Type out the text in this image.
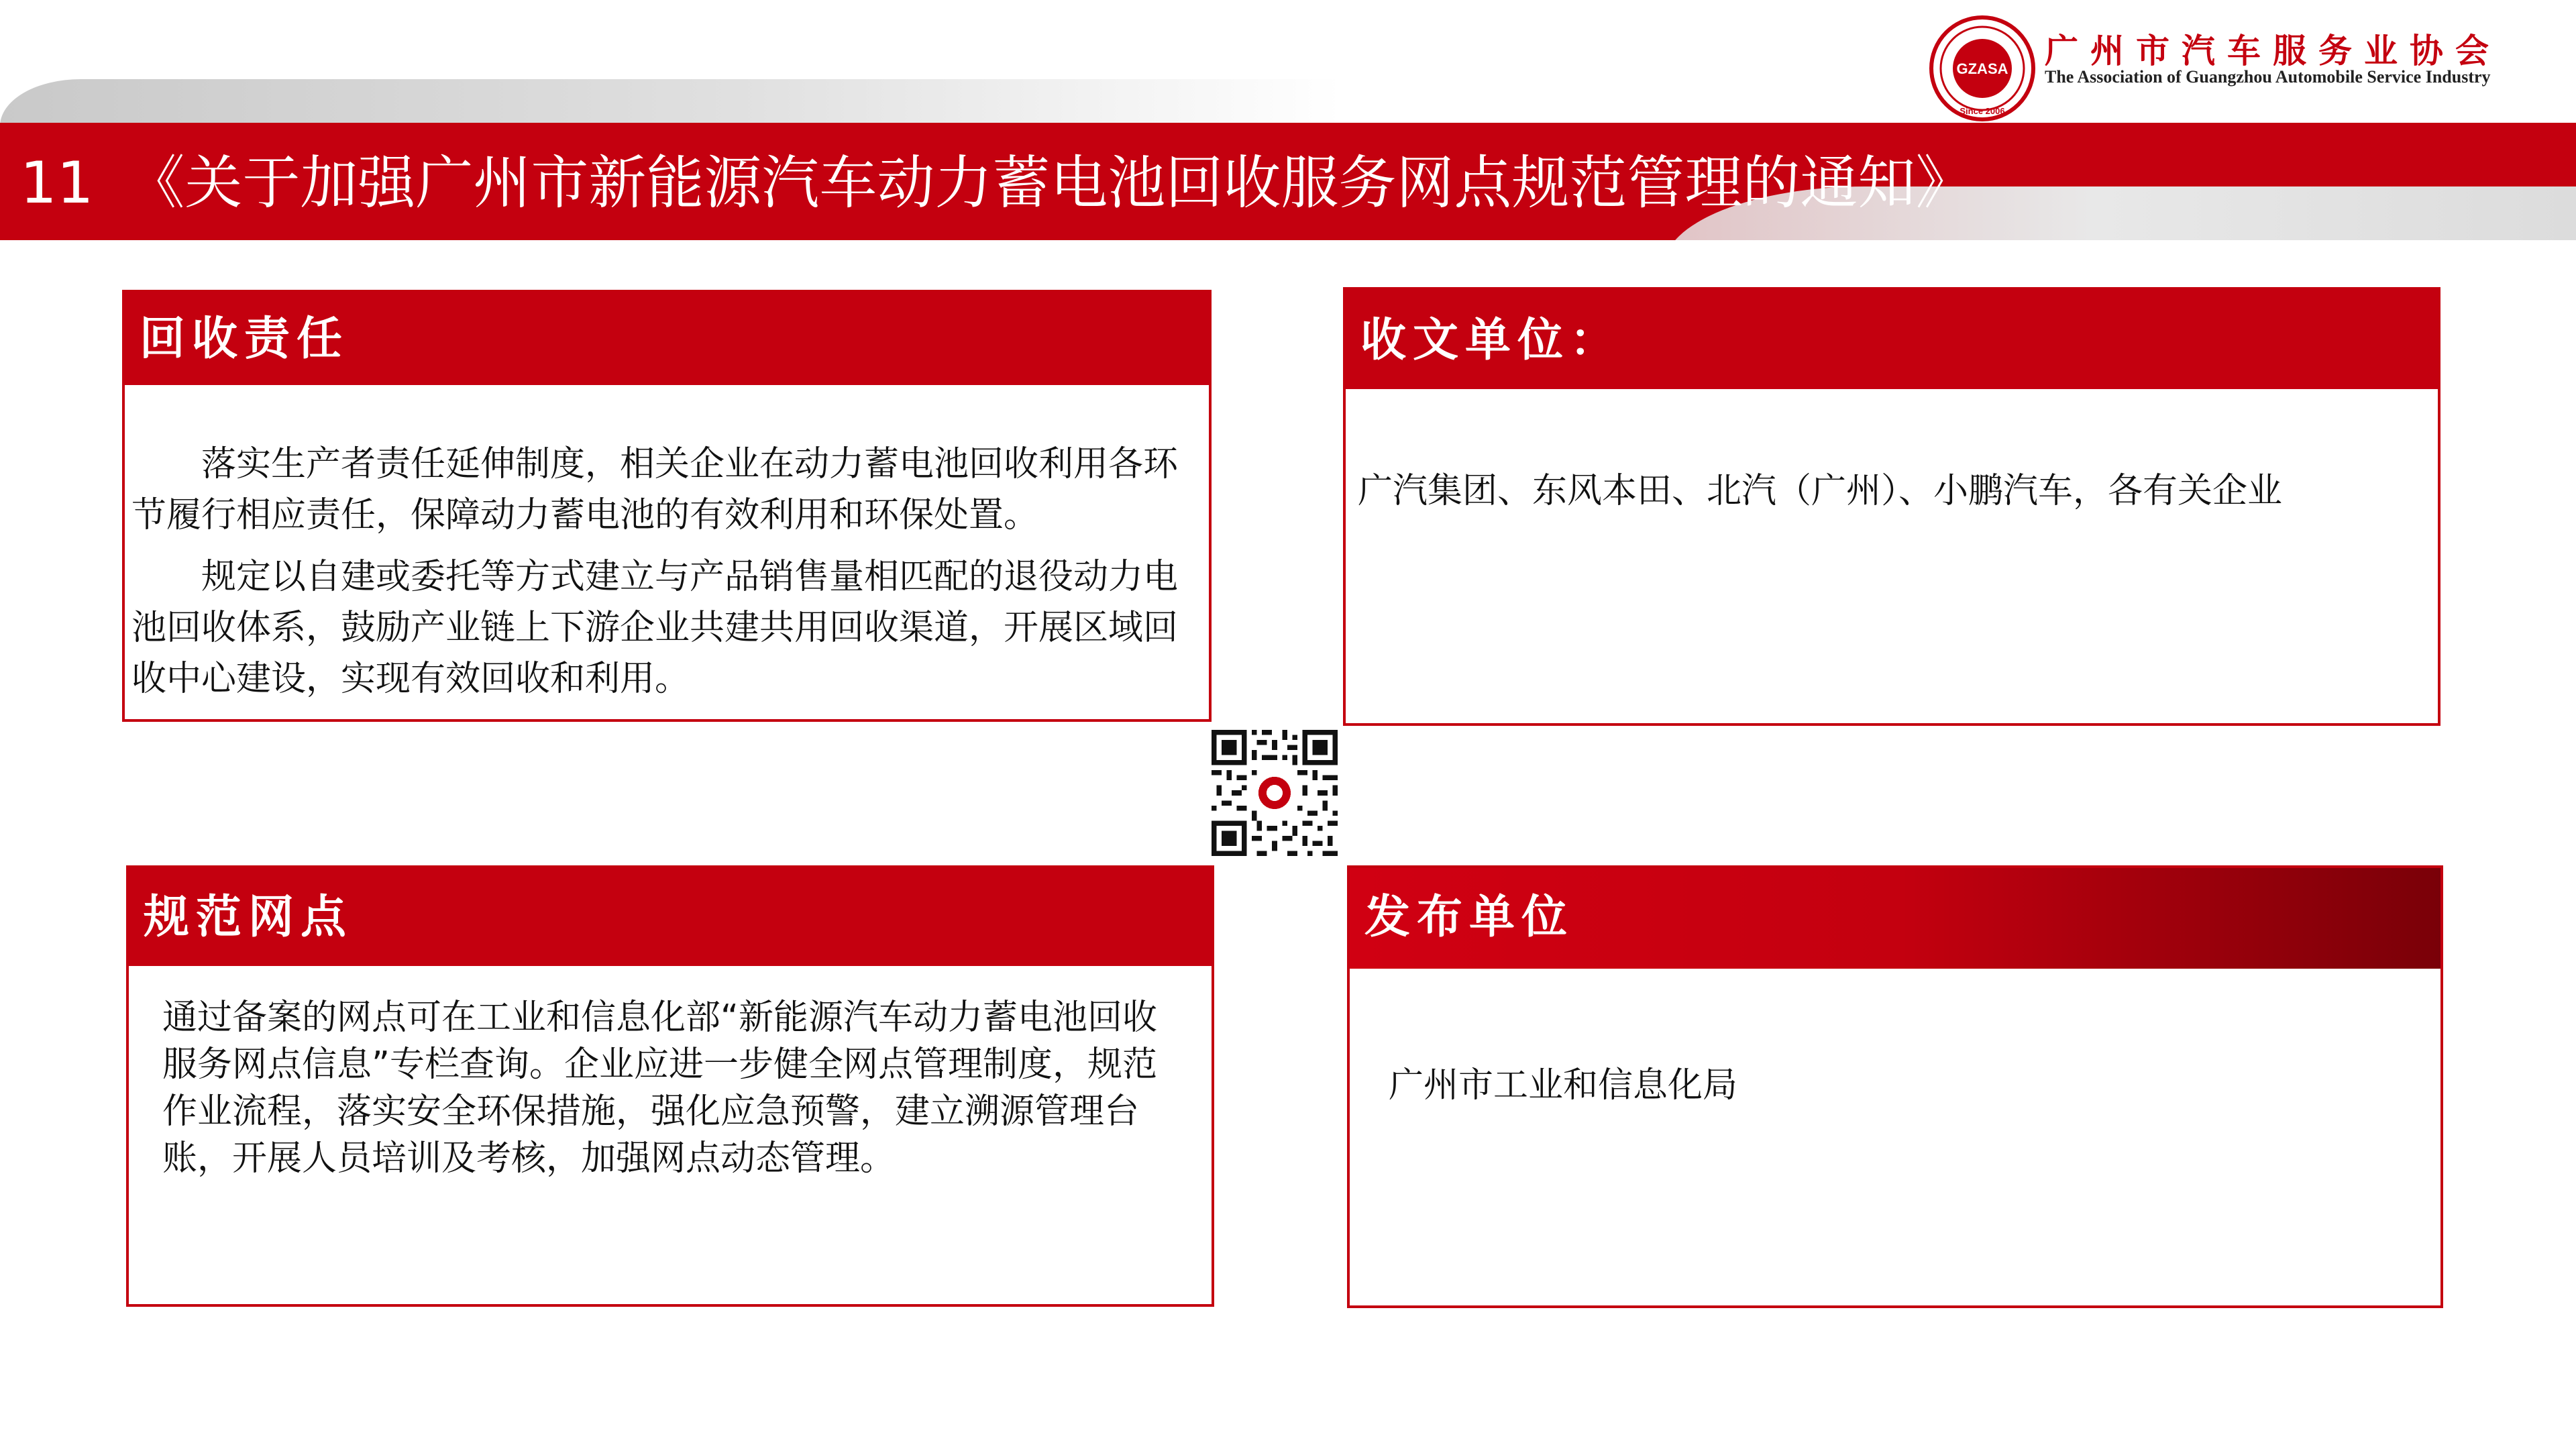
GZASA
Since 2006
广州市汽车服务业协会
The Association of Guangzhou Automobile Service Industry
11 《关于加强广州市新能源汽车动力蓄电池回收服务网点规范管理的通知》
回收责任

落实生产者责任延伸制度，相关企业在动力蓄电池回收利用各环节履行相应责任，保障动力蓄电池的有效利用和环保处置。

规定以自建或委托等方式建立与产品销售量相匹配的退役动力电池回收体系，鼓励产业链上下游企业共建共用回收渠道，开展区域回收中心建设，实现有效回收和利用。

收文单位：
广汽集团、东风本田、北汽（广州）、小鹏汽车，各有关企业
规范网点
通过备案的网点可在工业和信息化部“新能源汽车动力蓄电池回收服务网点信息”专栏查询。企业应进一步健全网点管理制度，规范作业流程，落实安全环保措施，强化应急预警，建立溯源管理台账，开展人员培训及考核，加强网点动态管理。
发布单位
广州市工业和信息化局
